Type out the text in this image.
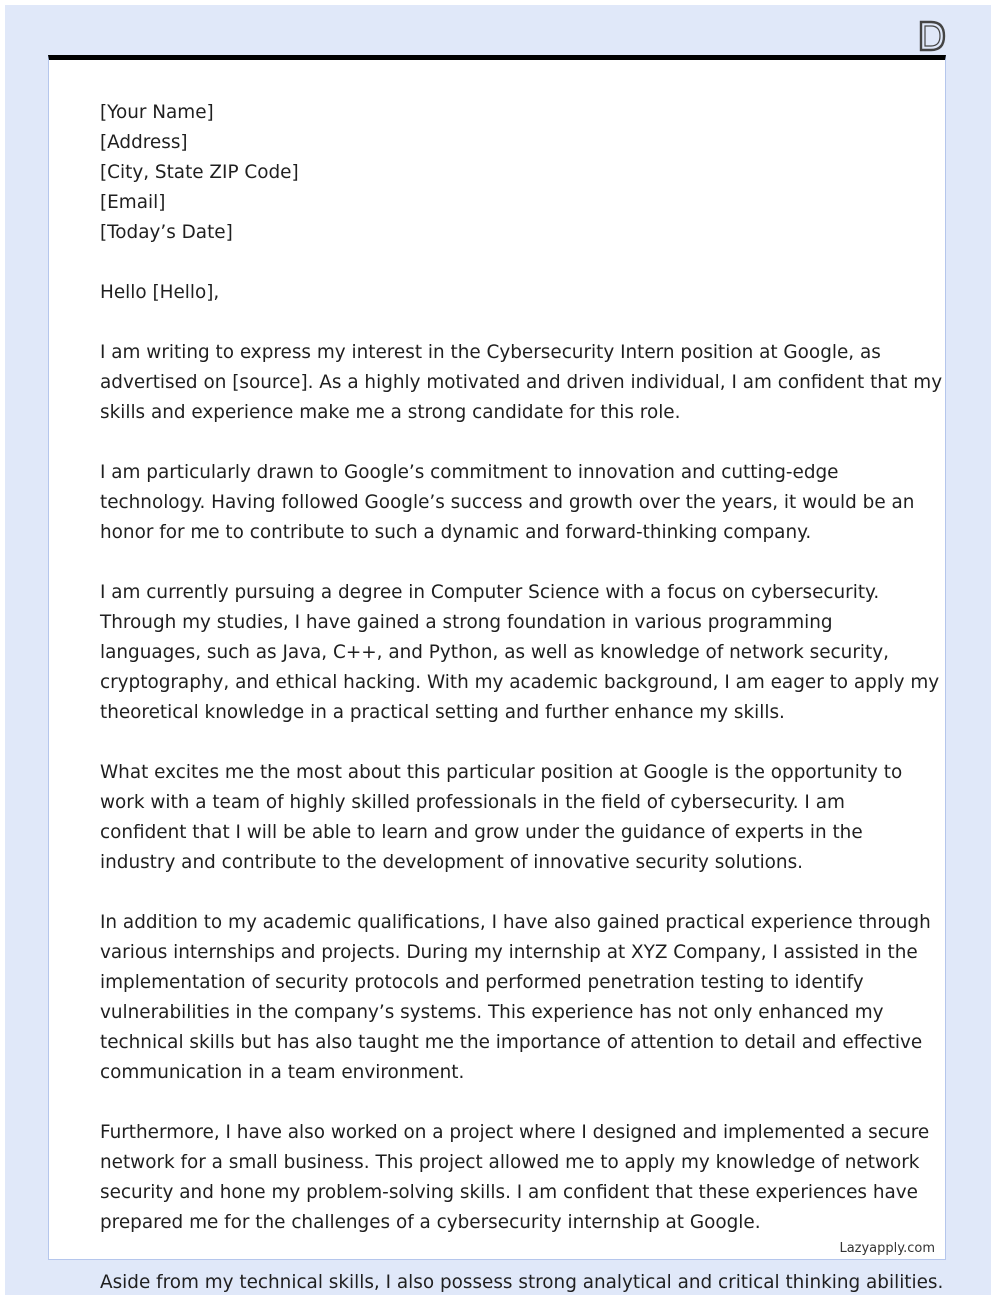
Lazyapply.com
[Your Name]
[Address]
[City, State ZIP Code]
[Email]
[Today’s Date]
Hello [Hello],
I am writing to express my interest in the Cybersecurity Intern position at Google, as
advertised on [source]. As a highly motivated and driven individual, I am confident that my
skills and experience make me a strong candidate for this role.
I am particularly drawn to Google’s commitment to innovation and cutting-edge
technology. Having followed Google’s success and growth over the years, it would be an
honor for me to contribute to such a dynamic and forward-thinking company.
I am currently pursuing a degree in Computer Science with a focus on cybersecurity.
Through my studies, I have gained a strong foundation in various programming
languages, such as Java, C++, and Python, as well as knowledge of network security,
cryptography, and ethical hacking. With my academic background, I am eager to apply my
theoretical knowledge in a practical setting and further enhance my skills.
What excites me the most about this particular position at Google is the opportunity to
work with a team of highly skilled professionals in the field of cybersecurity. I am
confident that I will be able to learn and grow under the guidance of experts in the
industry and contribute to the development of innovative security solutions.
In addition to my academic qualifications, I have also gained practical experience through
various internships and projects. During my internship at XYZ Company, I assisted in the
implementation of security protocols and performed penetration testing to identify
vulnerabilities in the company’s systems. This experience has not only enhanced my
technical skills but has also taught me the importance of attention to detail and effective
communication in a team environment.
Furthermore, I have also worked on a project where I designed and implemented a secure
network for a small business. This project allowed me to apply my knowledge of network
security and hone my problem-solving skills. I am confident that these experiences have
prepared me for the challenges of a cybersecurity internship at Google.
Aside from my technical skills, I also possess strong analytical and critical thinking abilities.
